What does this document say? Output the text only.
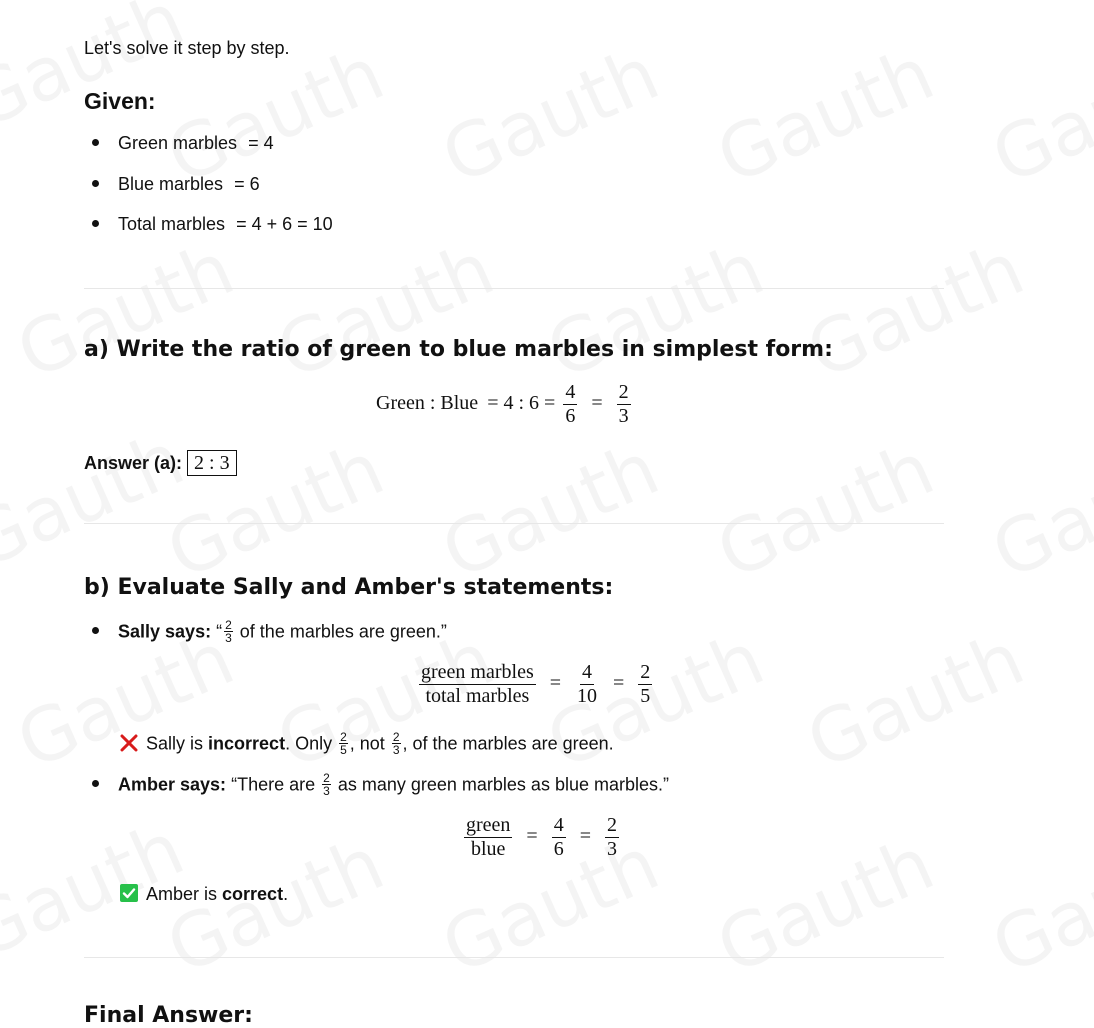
Let's solve it step by step.
Given:
Green marbles = 4
Blue marbles = 6
Total marbles = 4 + 6 = 10
a) Write the ratio of green to blue marbles in simplest form:
Green : Blue = 4 : $6 = \frac{4}{6} = \frac{2}{3}$
Answer (a): 2 : 3
b) Evaluate Sally and Amber's statements:
Sally says: “ $\frac{2}{3}$ of the marbles are green.”
$\frac{\text{green marbles}}{\text{total marbles}} = \frac{4}{10} = \frac{2}{5}$
Sally is incorrect. Only $\frac{2}{5}$ , not $\frac{2}{3}$ , of the marbles are green.
Amber says: “There are $\frac{2}{3}$ as many green marbles as blue marbles.”
$\frac{\text{green}}{\text{blue}} = \frac{4}{6} = \frac{2}{3}$
Amber is correct.
Final Answer:
